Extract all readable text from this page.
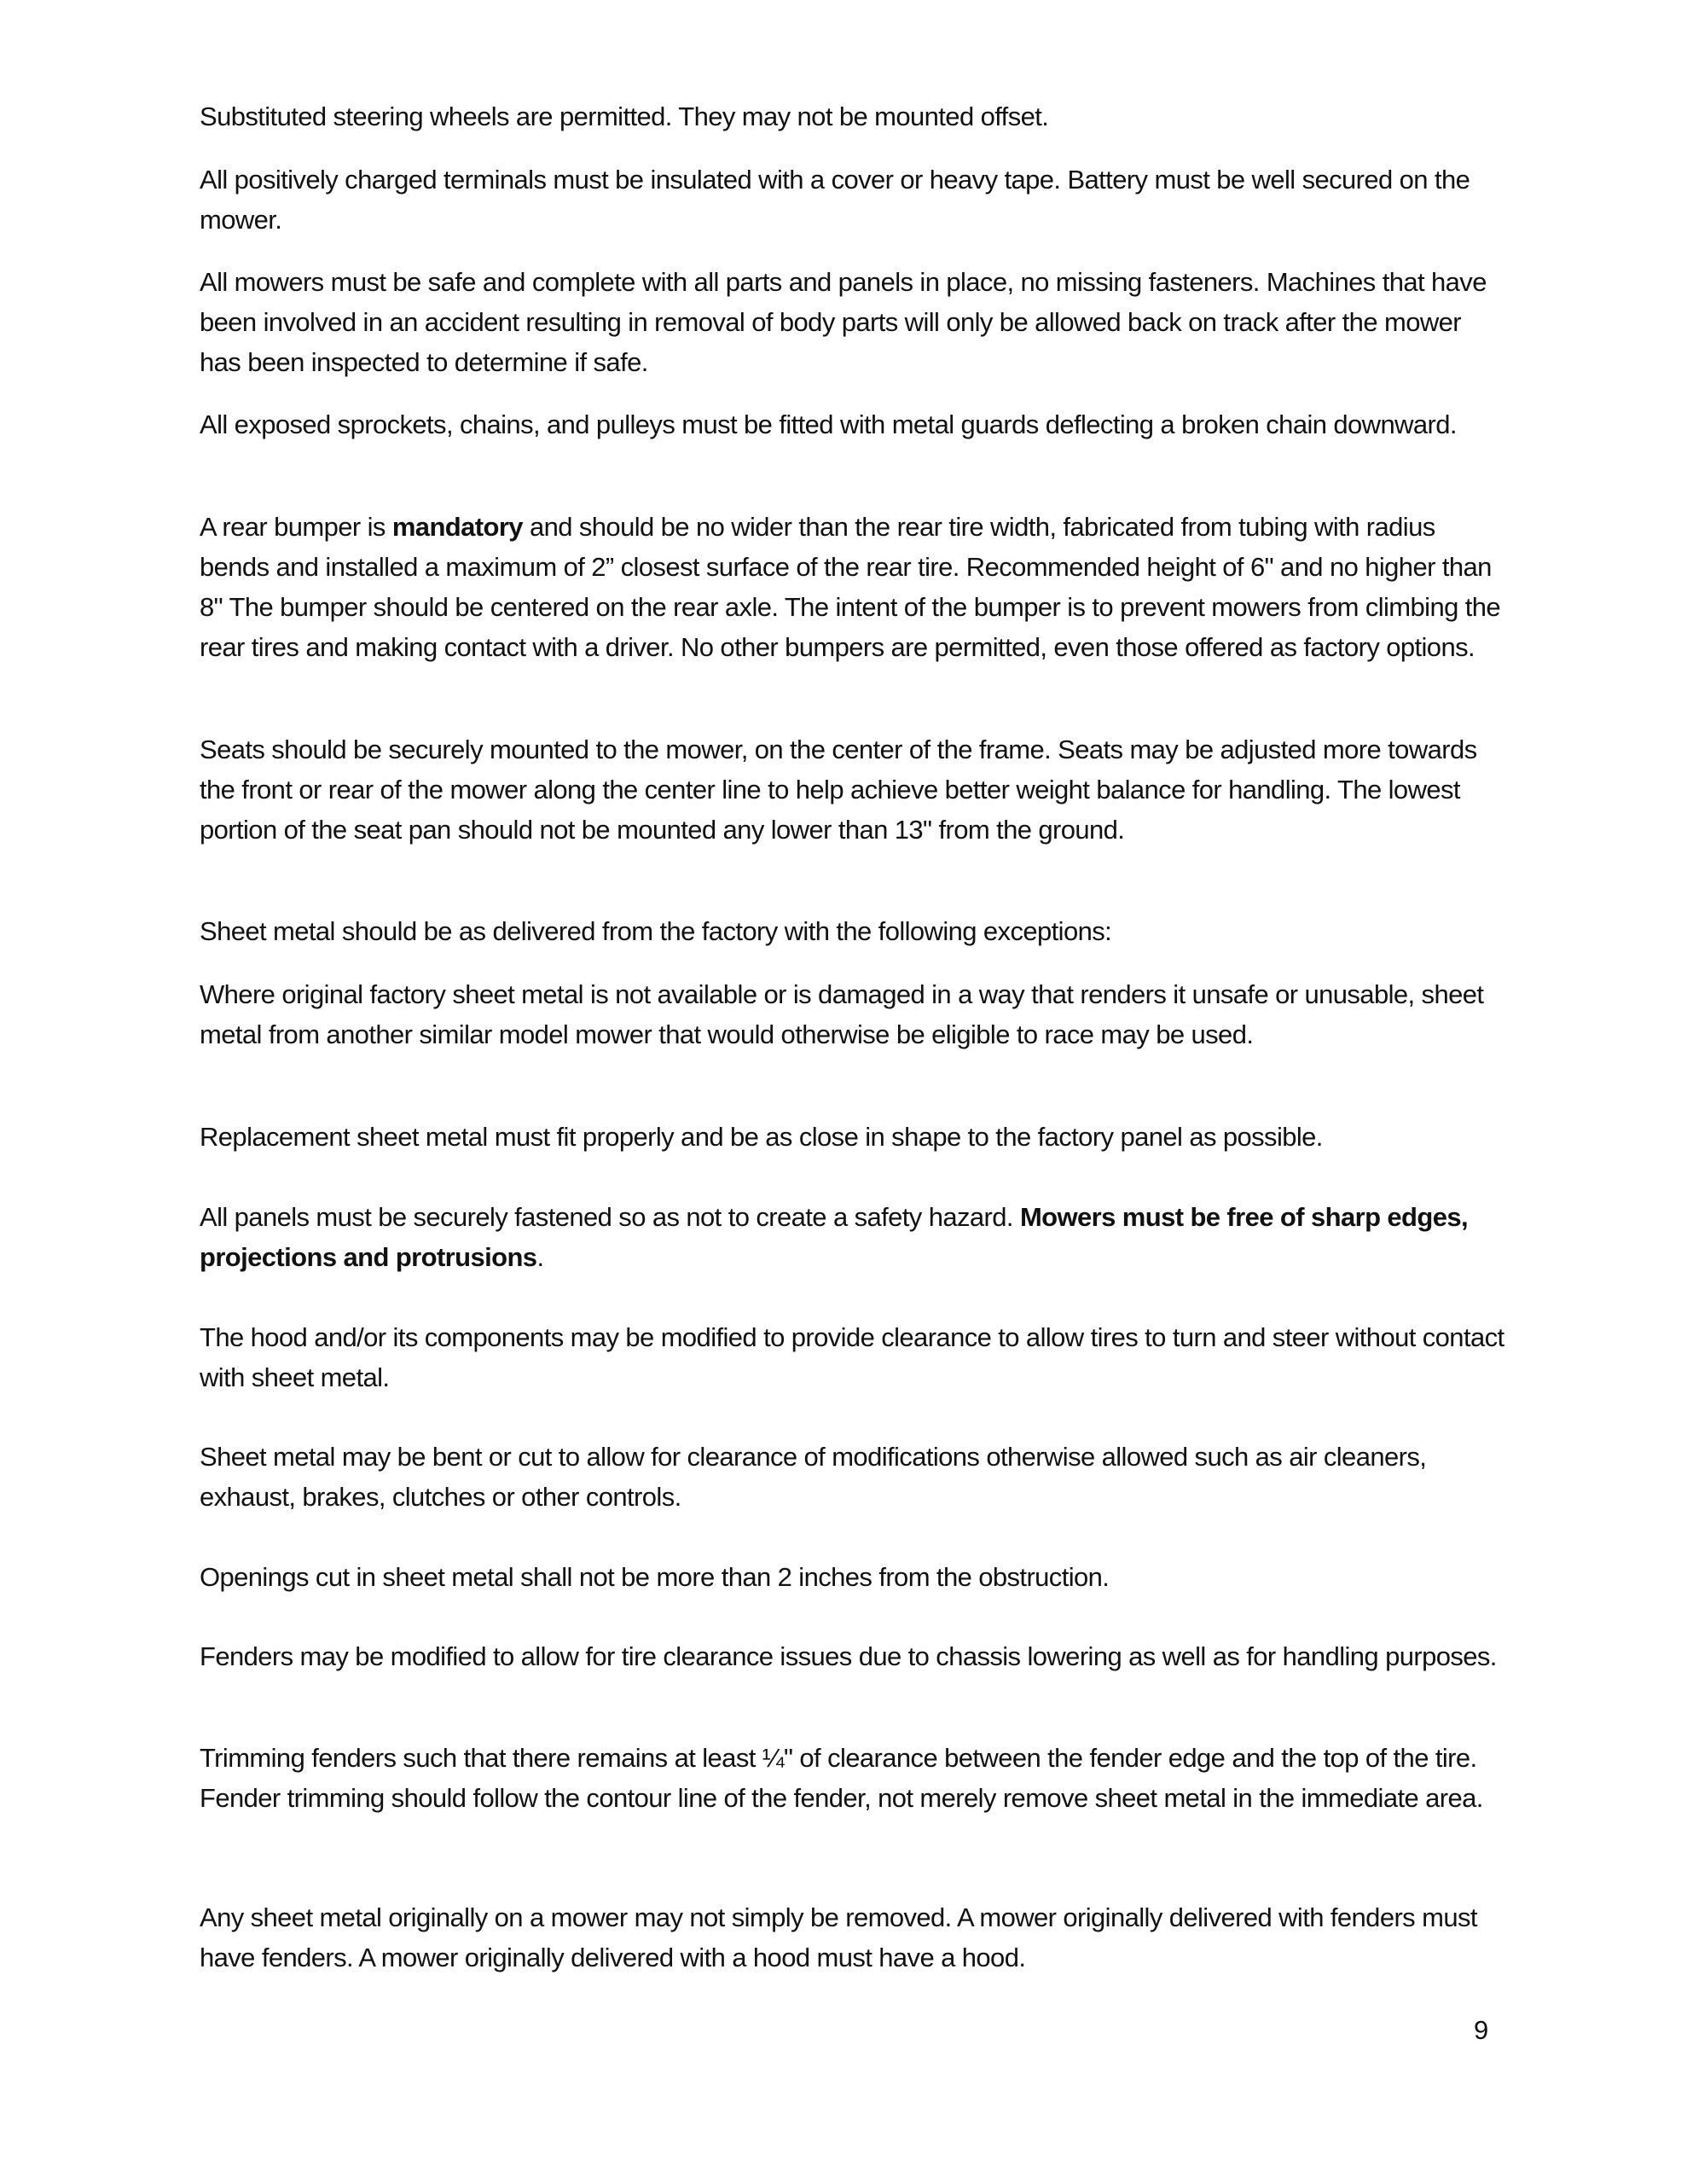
Substituted steering wheels are permitted. They may not be mounted offset.

All positively charged terminals must be insulated with a cover or heavy tape. Battery must be well secured on the mower.

All mowers must be safe and complete with all parts and panels in place, no missing fasteners. Machines that have been involved in an accident resulting in removal of body parts will only be allowed back on track after the mower has been inspected to determine if safe.

All exposed sprockets, chains, and pulleys must be fitted with metal guards deflecting a broken chain downward.

A rear bumper is mandatory and should be no wider than the rear tire width, fabricated from tubing with radius bends and installed a maximum of 2” closest surface of the rear tire. Recommended height of 6" and no higher than 8" The bumper should be centered on the rear axle. The intent of the bumper is to prevent mowers from climbing the rear tires and making contact with a driver. No other bumpers are permitted, even those offered as factory options.

Seats should be securely mounted to the mower, on the center of the frame. Seats may be adjusted more towards the front or rear of the mower along the center line to help achieve better weight balance for handling. The lowest portion of the seat pan should not be mounted any lower than 13" from the ground.

Sheet metal should be as delivered from the factory with the following exceptions:

Where original factory sheet metal is not available or is damaged in a way that renders it unsafe or unusable, sheet metal from another similar model mower that would otherwise be eligible to race may be used.

Replacement sheet metal must fit properly and be as close in shape to the factory panel as possible.

All panels must be securely fastened so as not to create a safety hazard. Mowers must be free of sharp edges, projections and protrusions.

The hood and/or its components may be modified to provide clearance to allow tires to turn and steer without contact with sheet metal.

Sheet metal may be bent or cut to allow for clearance of modifications otherwise allowed such as air cleaners, exhaust, brakes, clutches or other controls.

Openings cut in sheet metal shall not be more than 2 inches from the obstruction.

Fenders may be modified to allow for tire clearance issues due to chassis lowering as well as for handling purposes.

Trimming fenders such that there remains at least ¼" of clearance between the fender edge and the top of the tire. Fender trimming should follow the contour line of the fender, not merely remove sheet metal in the immediate area.

Any sheet metal originally on a mower may not simply be removed. A mower originally delivered with fenders must have fenders. A mower originally delivered with a hood must have a hood.

9
